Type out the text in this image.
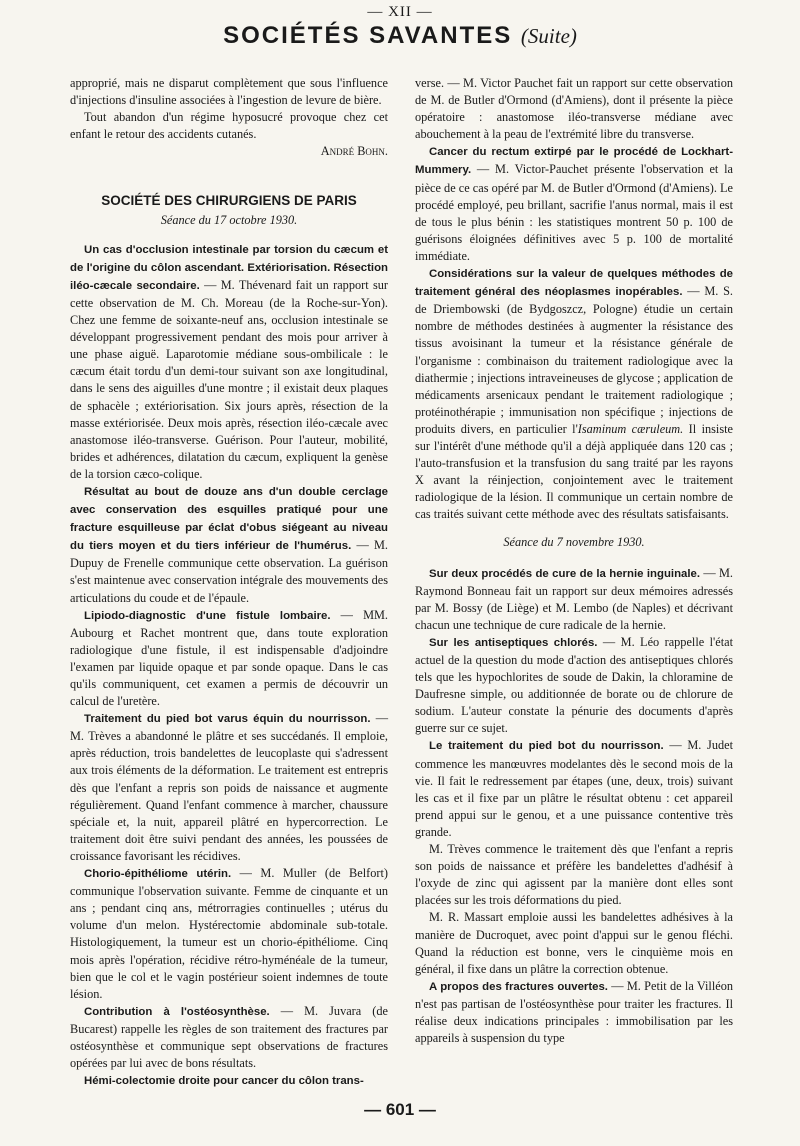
— XII —
SOCIÉTÉS SAVANTES (Suite)

approprié, mais ne disparut complètement que sous l'influence d'injections d'insuline associées à l'ingestion de levure de bière.

Tout abandon d'un régime hyposucré provoque chez cet enfant le retour des accidents cutanés.

André Bohn.

SOCIÉTÉ DES CHIRURGIENS DE PARIS
Séance du 17 octobre 1930.

Un cas d'occlusion intestinale par torsion du cæcum et de l'origine du côlon ascendant. Extériorisation. Résection iléo-cæcale secondaire. — M. Thévenard fait un rapport sur cette observation de M. Ch. Moreau (de la Roche-sur-Yon). Chez une femme de soixante-neuf ans, occlusion intestinale se développant progressivement pendant des mois pour arriver à une phase aiguë. Laparotomie médiane sous-ombilicale : le cæcum était tordu d'un demi-tour suivant son axe longitudinal, dans le sens des aiguilles d'une montre ; il existait deux plaques de sphacèle ; extériorisation. Six jours après, résection de la masse extériorisée. Deux mois après, résection iléo-cæcale avec anastomose iléo-transverse. Guérison. Pour l'auteur, mobilité, brides et adhérences, dilatation du cæcum, expliquent la genèse de la torsion cæco-colique.

Résultat au bout de douze ans d'un double cerclage avec conservation des esquilles pratiqué pour une fracture esquilleuse par éclat d'obus siégeant au niveau du tiers moyen et du tiers inférieur de l'humérus. — M. Dupuy de Frenelle communique cette observation. La guérison s'est maintenue avec conservation intégrale des mouvements des articulations du coude et de l'épaule.

Lipiodo-diagnostic d'une fistule lombaire. — MM. Aubourg et Rachet montrent que, dans toute exploration radiologique d'une fistule, il est indispensable d'adjoindre l'examen par liquide opaque et par sonde opaque. Dans le cas qu'ils communiquent, cet examen a permis de découvrir un calcul de l'uretère.

Traitement du pied bot varus équin du nourrisson. — M. Trèves a abandonné le plâtre et ses succédanés. Il emploie, après réduction, trois bandelettes de leucoplaste qui s'adressent aux trois éléments de la déformation. Le traitement est entrepris dès que l'enfant a repris son poids de naissance et augmente régulièrement. Quand l'enfant commence à marcher, chaussure spéciale et, la nuit, appareil plâtré en hypercorrection. Le traitement doit être suivi pendant des années, les poussées de croissance favorisant les récidives.

Chorio-épithéliome utérin. — M. Muller (de Belfort) communique l'observation suivante. Femme de cinquante et un ans ; pendant cinq ans, métrorragies continuelles ; utérus du volume d'un melon. Hystérectomie abdominale sub-totale. Histologiquement, la tumeur est un chorio-épithéliome. Cinq mois après l'opération, récidive rétro-hyménéale de la tumeur, bien que le col et le vagin postérieur soient indemnes de toute lésion.

Contribution à l'ostéosynthèse. — M. Juvara (de Bucarest) rappelle les règles de son traitement des fractures par ostéosynthèse et communique sept observations de fractures opérées par lui avec de bons résultats.

Hémi-colectomie droite pour cancer du côlon trans-

verse. — M. Victor Pauchet fait un rapport sur cette observation de M. de Butler d'Ormond (d'Amiens), dont il présente la pièce opératoire : anastomose iléo-transverse médiane avec abouchement à la peau de l'extrémité libre du transverse.

Cancer du rectum extirpé par le procédé de Lockhart-Mummery. — M. Victor-Pauchet présente l'observation et la pièce de ce cas opéré par M. de Butler d'Ormond (d'Amiens). Le procédé employé, peu brillant, sacrifie l'anus normal, mais il est de tous le plus bénin : les statistiques montrent 50 p. 100 de guérisons éloignées définitives avec 5 p. 100 de mortalité immédiate.

Considérations sur la valeur de quelques méthodes de traitement général des néoplasmes inopérables. — M. S. de Driembowski (de Bydgoszcz, Pologne) étudie un certain nombre de méthodes destinées à augmenter la résistance des tissus avoisinant la tumeur et la résistance générale de l'organisme : combinaison du traitement radiologique avec la diathermie ; injections intraveineuses de glycose ; application de médicaments arsenicaux pendant le traitement radiologique ; protéinothérapie ; immunisation non spécifique ; injections de produits divers, en particulier l'Isaminum cæruleum. Il insiste sur l'intérêt d'une méthode qu'il a déjà appliquée dans 120 cas ; l'auto-transfusion et la transfusion du sang traité par les rayons X avant la réinjection, conjointement avec le traitement radiologique de la lésion. Il communique un certain nombre de cas traités suivant cette méthode avec des résultats satisfaisants.

Séance du 7 novembre 1930.

Sur deux procédés de cure de la hernie inguinale. — M. Raymond Bonneau fait un rapport sur deux mémoires adressés par M. Bossy (de Liège) et M. Lembo (de Naples) et décrivant chacun une technique de cure radicale de la hernie.

Sur les antiseptiques chlorés. — M. Léo rappelle l'état actuel de la question du mode d'action des antiseptiques chlorés tels que les hypochlorites de soude de Dakin, la chloramine de Daufresne simple, ou additionnée de borate ou de chlorure de sodium. L'auteur constate la pénurie des documents d'après guerre sur ce sujet.

Le traitement du pied bot du nourrisson. — M. Judet commence les manœuvres modelantes dès le second mois de la vie. Il fait le redressement par étapes (une, deux, trois) suivant les cas et il fixe par un plâtre le résultat obtenu : cet appareil prend appui sur le genou, et a une puissance contentive très grande.

M. Trèves commence le traitement dès que l'enfant a repris son poids de naissance et préfère les bandelettes d'adhésif à l'oxyde de zinc qui agissent par la manière dont elles sont placées sur les trois déformations du pied.

M. R. Massart emploie aussi les bandelettes adhésives à la manière de Ducroquet, avec point d'appui sur le genou fléchi. Quand la réduction est bonne, vers le cinquième mois en général, il fixe dans un plâtre la correction obtenue.

A propos des fractures ouvertes. — M. Petit de la Villéon n'est pas partisan de l'ostéosynthèse pour traiter les fractures. Il réalise deux indications principales : immobilisation par les appareils à suspension du type

— 601 —
